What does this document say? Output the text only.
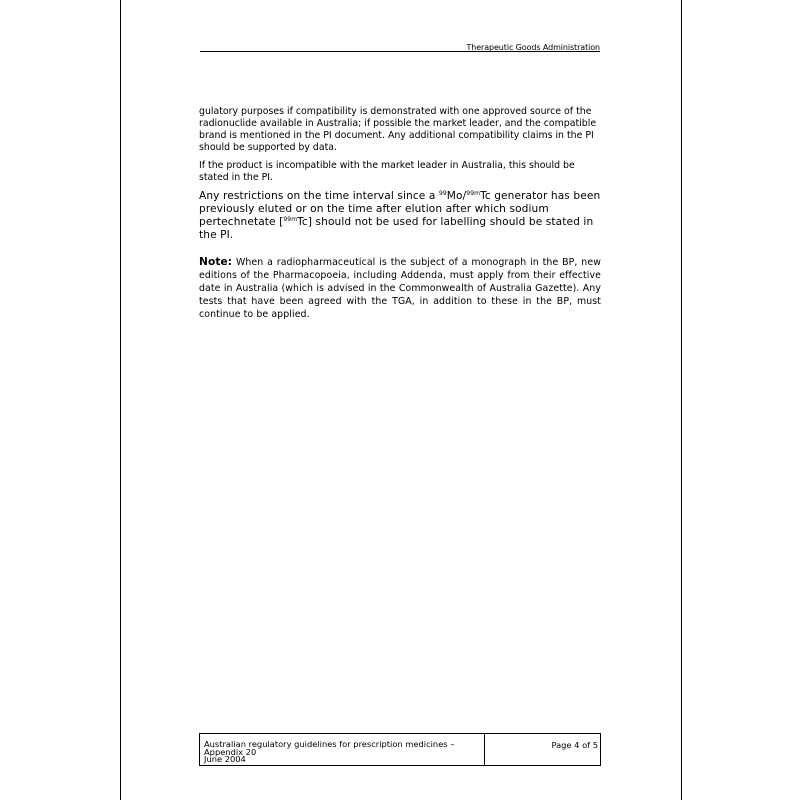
Therapeutic Goods Administration

gulatory purposes if compatibility is demonstrated with one approved source of the radionuclide available in Australia; if possible the market leader, and the compatible brand is mentioned in the PI document. Any additional compatibility claims in the PI should be supported by data.

If the product is incompatible with the market leader in Australia, this should be stated in the PI.

Any restrictions on the time interval since a $^{99}$Mo/$^{99m}$Tc generator has been previously eluted or on the time after elution after which sodium pertechnetate [$^{99m}$Tc] should not be used for labelling should be stated in the PI.

Note: When a radiopharmaceutical is the subject of a monograph in the BP, new editions of the Pharmacopoeia, including Addenda, must apply from their effective date in Australia (which is advised in the Commonwealth of Australia Gazette). Any tests that have been agreed with the TGA, in addition to these in the BP, must continue to be applied.

Australian regulatory guidelines for prescription medicines –
Appendix 20
June 2004
Page 4 of 5
